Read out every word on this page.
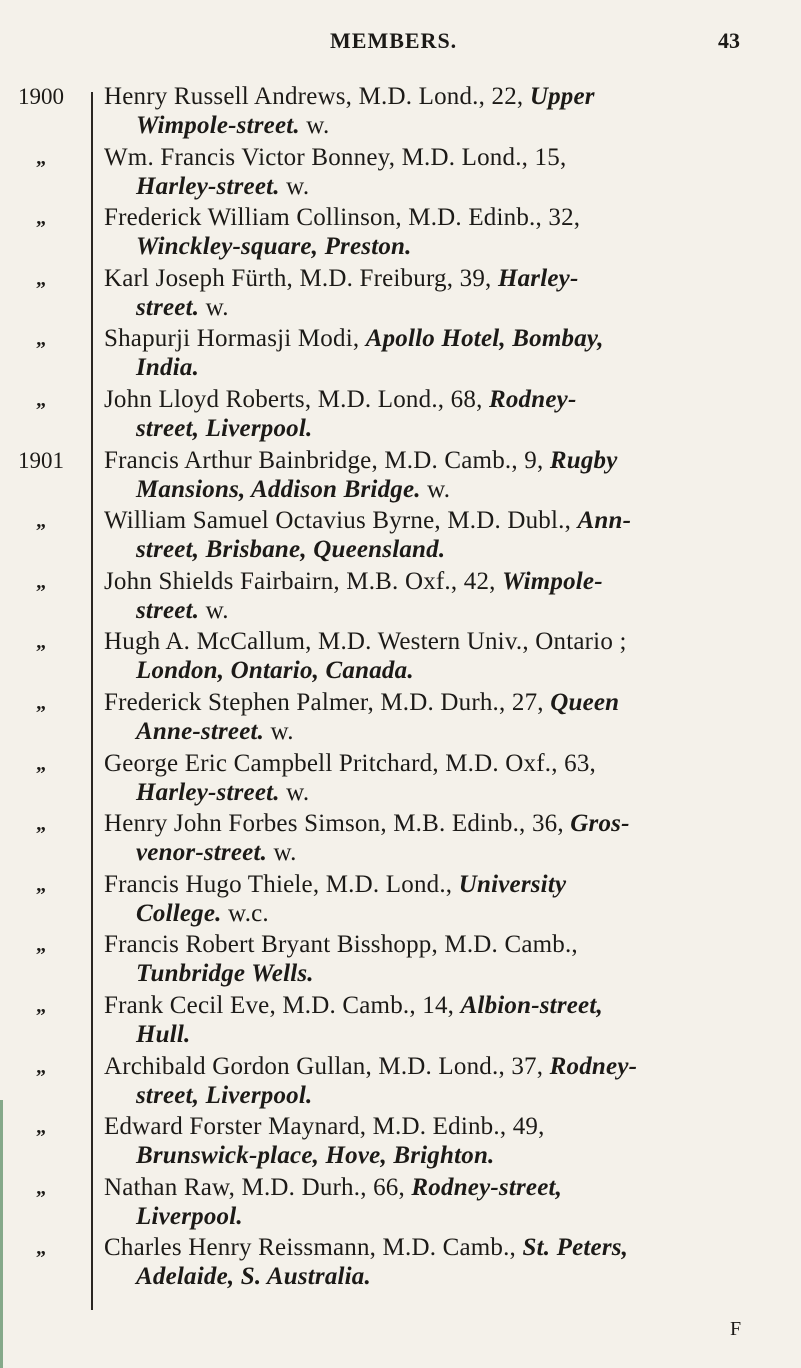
MEMBERS.	43
1900	Henry Russell Andrews, M.D. Lond., 22, Upper
Wimpole-street. w.
„	Wm. Francis Victor Bonney, M.D. Lond., 15,
Harley-street. w.
„	Frederick William Collinson, M.D. Edinb., 32,
Winckley-square, Preston.
„	Karl Joseph Fürth, M.D. Freiburg, 39, Harley-
street. w.
„	Shapurji Hormasji Modi, Apollo Hotel, Bombay,
India.
„	John Lloyd Roberts, M.D. Lond., 68, Rodney-
street, Liverpool.
1901	Francis Arthur Bainbridge, M.D. Camb., 9, Rugby
Mansions, Addison Bridge. w.
„	William Samuel Octavius Byrne, M.D. Dubl., Ann-
street, Brisbane, Queensland.
„	John Shields Fairbairn, M.B. Oxf., 42, Wimpole-
street. w.
„	Hugh A. McCallum, M.D. Western Univ., Ontario ;
London, Ontario, Canada.
„	Frederick Stephen Palmer, M.D. Durh., 27, Queen
Anne-street. w.
„	George Eric Campbell Pritchard, M.D. Oxf., 63,
Harley-street. w.
„	Henry John Forbes Simson, M.B. Edinb., 36, Gros-
venor-street. w.
„	Francis Hugo Thiele, M.D. Lond., University
College. w.c.
„	Francis Robert Bryant Bisshopp, M.D. Camb.,
Tunbridge Wells.
„	Frank Cecil Eve, M.D. Camb., 14, Albion-street,
Hull.
„	Archibald Gordon Gullan, M.D. Lond., 37, Rodney-
street, Liverpool.
„	Edward Forster Maynard, M.D. Edinb., 49,
Brunswick-place, Hove, Brighton.
„	Nathan Raw, M.D. Durh., 66, Rodney-street,
Liverpool.
„	Charles Henry Reissmann, M.D. Camb., St. Peters,
Adelaide, S. Australia.
F
